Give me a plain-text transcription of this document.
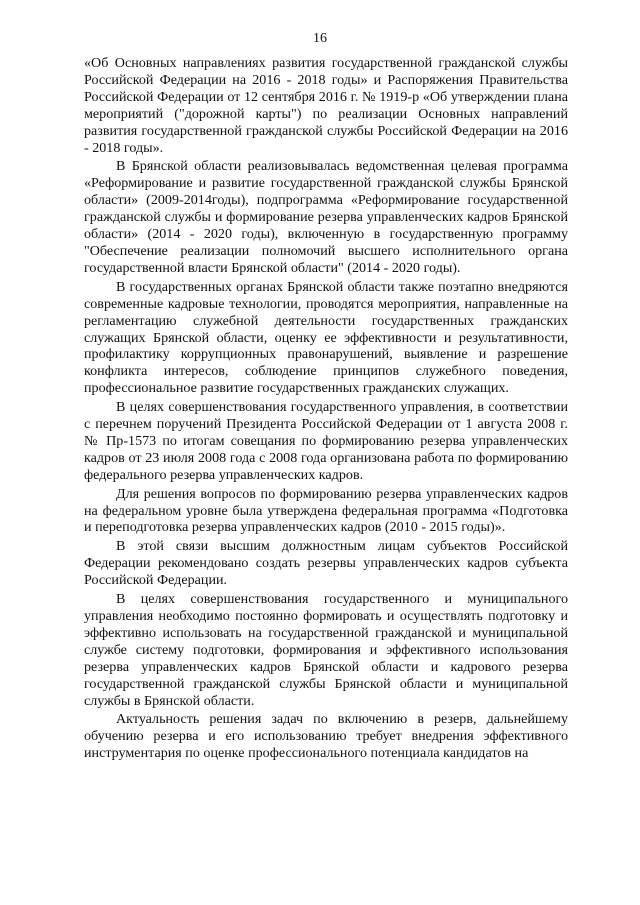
16

«Об Основных направлениях развития государственной гражданской службы Российской Федерации на 2016 - 2018 годы» и Распоряжения Правительства Российской Федерации от 12 сентября 2016 г. № 1919-р «Об утверждении плана мероприятий ("дорожной карты") по реализации Основных направлений развития государственной гражданской службы Российской Федерации на 2016 - 2018 годы».

В Брянской области реализовывалась ведомственная целевая программа «Реформирование и развитие государственной гражданской службы Брянской области» (2009-2014годы), подпрограмма «Реформирование государственной гражданской службы и формирование резерва управленческих кадров Брянской области» (2014 - 2020 годы), включенную в государственную программу "Обеспечение реализации полномочий высшего исполнительного органа государственной власти Брянской области" (2014 - 2020 годы).

В государственных органах Брянской области также поэтапно внедряются современные кадровые технологии, проводятся мероприятия, направленные на регламентацию служебной деятельности государственных гражданских служащих Брянской области, оценку ее эффективности и результативности, профилактику коррупционных правонарушений, выявление и разрешение конфликта интересов, соблюдение принципов служебного поведения, профессиональное развитие государственных гражданских служащих.

В целях совершенствования государственного управления, в соответствии с перечнем поручений Президента Российской Федерации от 1 августа 2008 г. № Пр-1573 по итогам совещания по формированию резерва управленческих кадров от 23 июля 2008 года с 2008 года организована работа по формированию федерального резерва управленческих кадров.

Для решения вопросов по формированию резерва управленческих кадров на федеральном уровне была утверждена федеральная программа «Подготовка и переподготовка резерва управленческих кадров (2010 - 2015 годы)».

В этой связи высшим должностным лицам субъектов Российской Федерации рекомендовано создать резервы управленческих кадров субъекта Российской Федерации.

В целях совершенствования государственного и муниципального управления необходимо постоянно формировать и осуществлять подготовку и эффективно использовать на государственной гражданской и муниципальной службе систему подготовки, формирования и эффективного использования резерва управленческих кадров Брянской области и кадрового резерва государственной гражданской службы Брянской области и муниципальной службы в Брянской области.

Актуальность решения задач по включению в резерв, дальнейшему обучению резерва и его использованию требует внедрения эффективного инструментария по оценке профессионального потенциала кандидатов на
